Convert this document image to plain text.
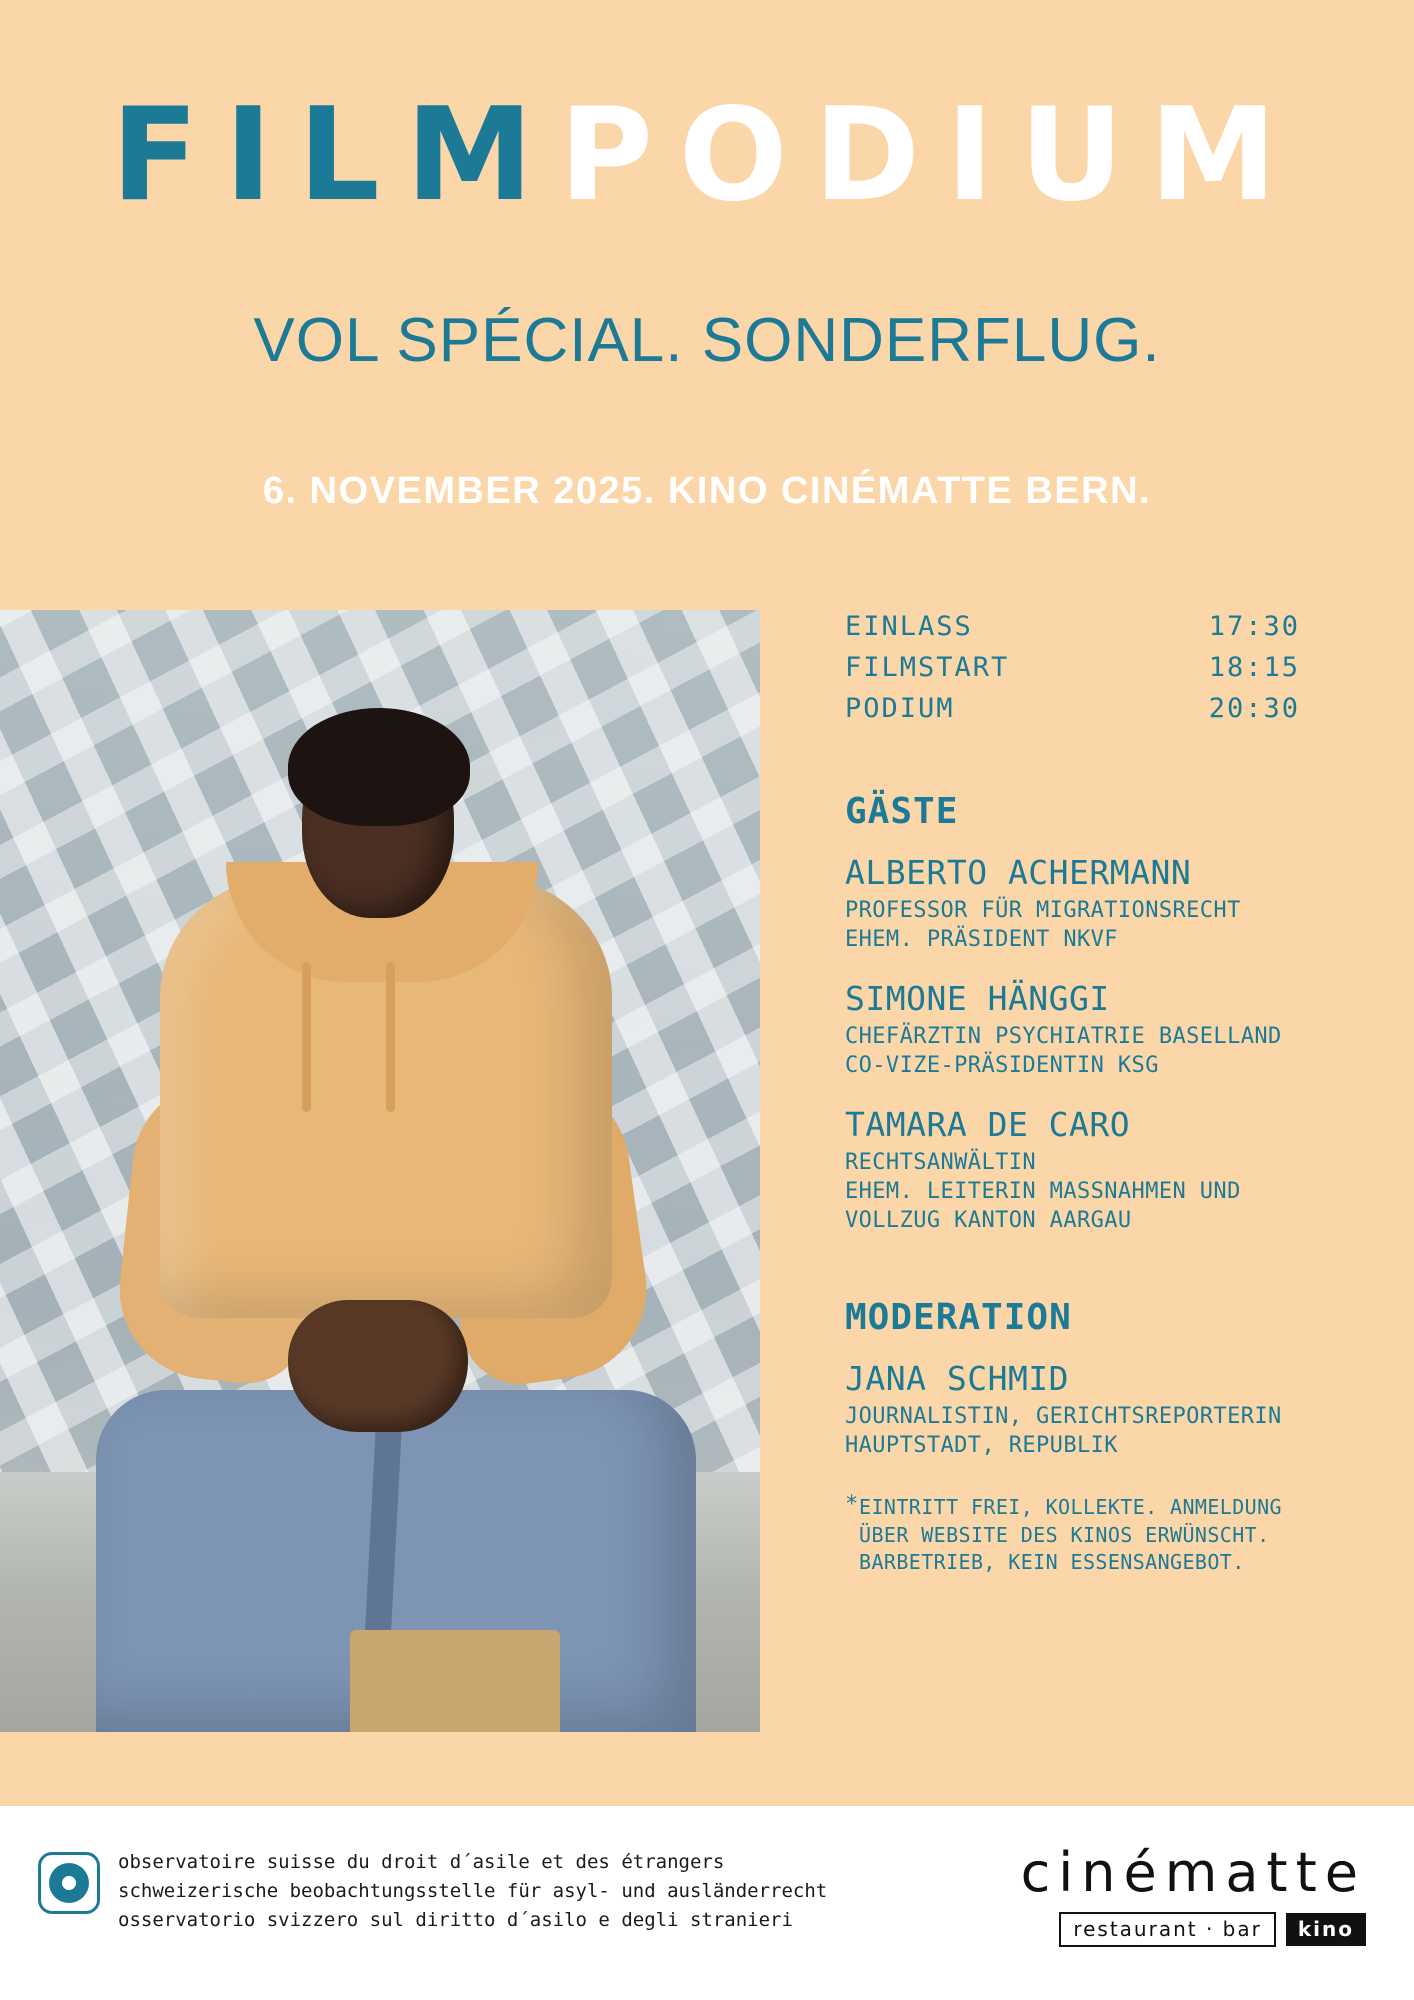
FILMPODIUM
VOL SPÉCIAL. SONDERFLUG.
6. NOVEMBER 2025. KINO CINÉMATTE BERN.
EINLASS	17:30
FILMSTART	18:15
PODIUM	20:30
GÄSTE
ALBERTO ACHERMANN
PROFESSOR FÜR MIGRATIONSRECHT
EHEM. PRÄSIDENT NKVF
SIMONE HÄNGGI
CHEFÄRZTIN PSYCHIATRIE BASELLAND
CO-VIZE-PRÄSIDENTIN KSG
TAMARA DE CARO
RECHTSANWÄLTIN
EHEM. LEITERIN MASSNAHMEN UND
VOLLZUG KANTON AARGAU
MODERATION
JANA SCHMID
JOURNALISTIN, GERICHTSREPORTERIN
HAUPTSTADT, REPUBLIK
* EINTRITT FREI, KOLLEKTE. ANMELDUNG
ÜBER WEBSITE DES KINOS ERWÜNSCHT.
BARBETRIEB, KEIN ESSENSANGEBOT.
observatoire suisse du droit d´asile et des étrangers
schweizerische beobachtungsstelle für asyl- und ausländerrecht
osservatorio svizzero sul diritto d´asilo e degli stranieri
cinématte
restaurant · bar	kino
